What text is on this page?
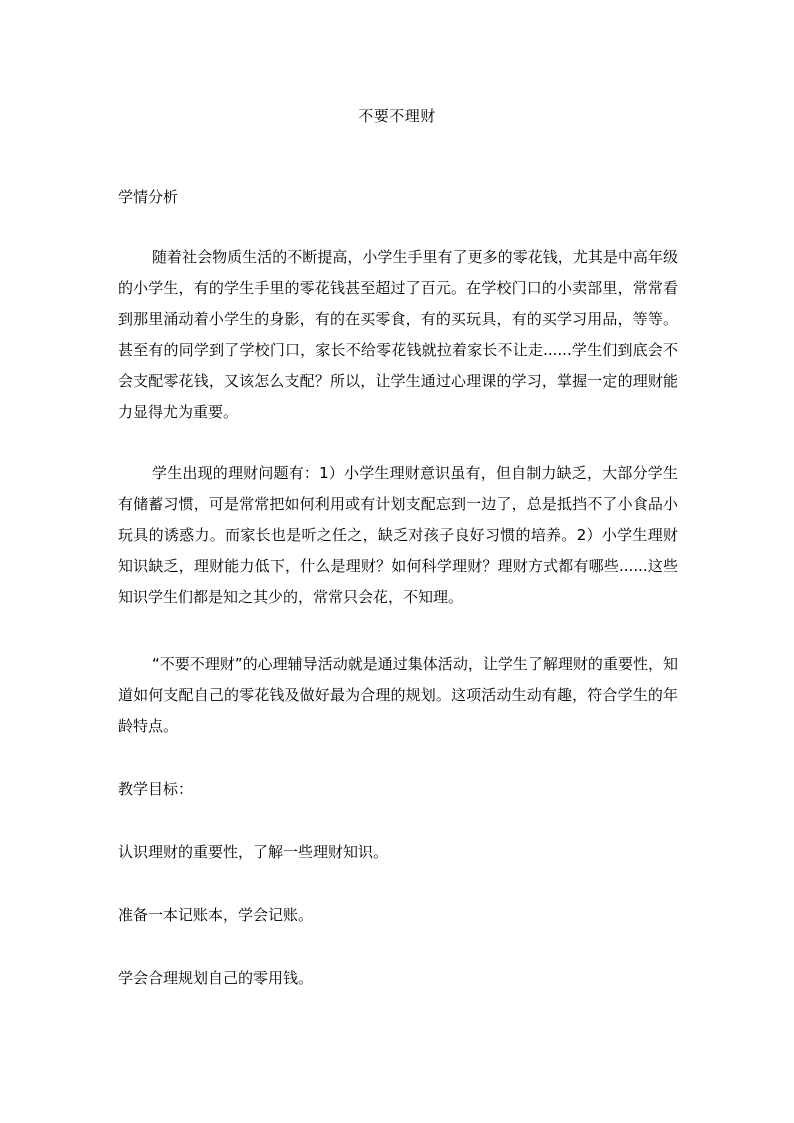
不要不理财
学情分析
随着社会物质生活的不断提高，小学生手里有了更多的零花钱，尤其是中高年级的小学生，有的学生手里的零花钱甚至超过了百元。在学校门口的小卖部里，常常看到那里涌动着小学生的身影，有的在买零食，有的买玩具，有的买学习用品，等等。甚至有的同学到了学校门口，家长不给零花钱就拉着家长不让走......学生们到底会不会支配零花钱，又该怎么支配？所以，让学生通过心理课的学习，掌握一定的理财能力显得尤为重要。
学生出现的理财问题有：1）小学生理财意识虽有，但自制力缺乏，大部分学生有储蓄习惯，可是常常把如何利用或有计划支配忘到一边了，总是抵挡不了小食品小玩具的诱惑力。而家长也是听之任之，缺乏对孩子良好习惯的培养。2）小学生理财知识缺乏，理财能力低下，什么是理财？如何科学理财？理财方式都有哪些......这些知识学生们都是知之其少的，常常只会花，不知理。
“不要不理财”的心理辅导活动就是通过集体活动，让学生了解理财的重要性，知道如何支配自己的零花钱及做好最为合理的规划。这项活动生动有趣，符合学生的年龄特点。
教学目标：
认识理财的重要性，了解一些理财知识。
准备一本记账本，学会记账。
学会合理规划自己的零用钱。
